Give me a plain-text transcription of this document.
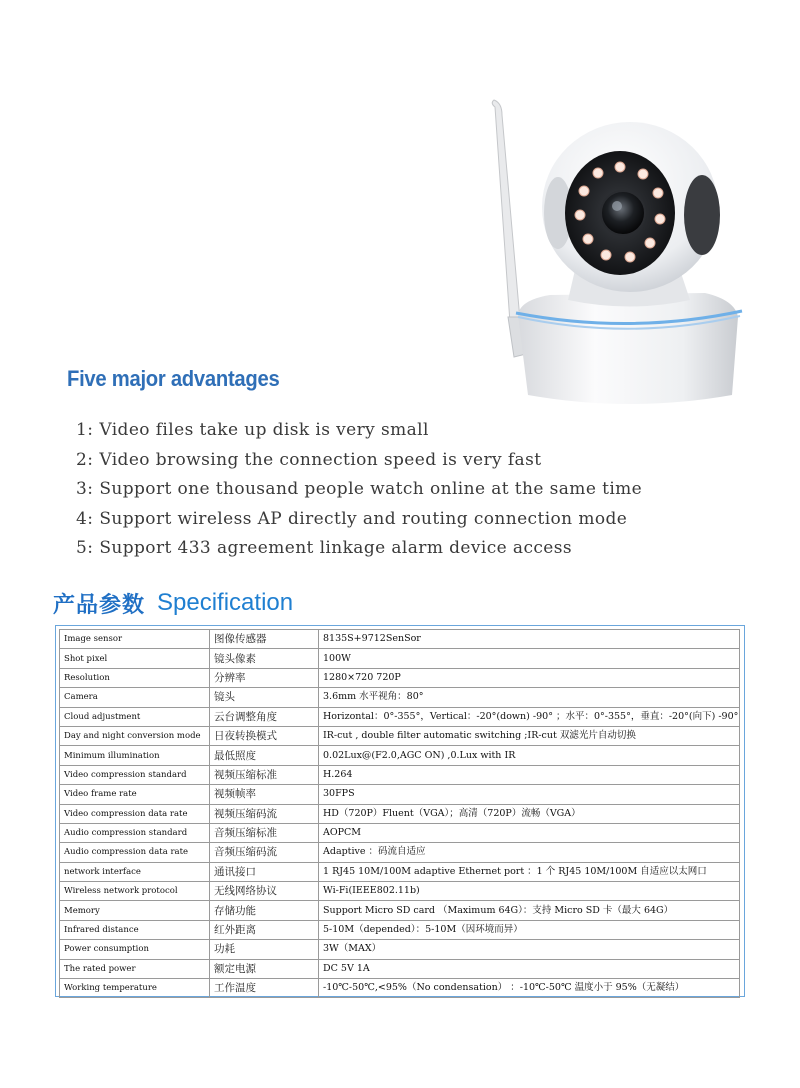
Five major advantages
1: Video files take up disk is very small
2: Video browsing the connection speed is very fast
3: Support one thousand people watch online at the same time
4: Support wireless AP directly and routing connection mode
5: Support 433 agreement linkage alarm device access
产品参数 Specification
Image sensor	图像传感器	8135S+9712SenSor
Shot pixel	镜头像素	100W
Resolution	分辨率	1280×720 720P
Camera	镜头	3.6mm 水平视角：80°
Cloud adjustment	云台调整角度	Horizontal：0°-355°，Vertical：-20°(down) -90° ；水平：0°-355°，垂直：-20°(向下) -90°
Day and night conversion mode	日夜转换模式	IR-cut , double filter automatic switching ;IR-cut 双滤光片自动切换
Minimum illumination	最低照度	0.02Lux@(F2.0,AGC ON) ,0.Lux with IR
Video compression standard	视频压缩标准	H.264
Video frame rate	视频帧率	30FPS
Video compression data rate	视频压缩码流	HD（720P）Fluent（VGA）；高清（720P）流畅（VGA）
Audio compression standard	音频压缩标准	AOPCM
Audio compression data rate	音频压缩码流	Adaptive ：码流自适应
network interface	通讯接口	1 RJ45 10M/100M adaptive Ethernet port ：1 个 RJ45 10M/100M 自适应以太网口
Wireless network protocol	无线网络协议	Wi-Fi(IEEE802.11b)
Memory	存储功能	Support Micro SD card （Maximum 64G）：支持 Micro SD 卡（最大 64G）
Infrared distance	红外距离	5-10M（depended）：5-10M（因环境而异）
Power consumption	功耗	3W（MAX）
The rated power	额定电源	DC 5V 1A
Working temperature	工作温度	-10℃-50℃,<95%（No condensation） ：-10℃-50℃ 温度小于 95%（无凝结）
